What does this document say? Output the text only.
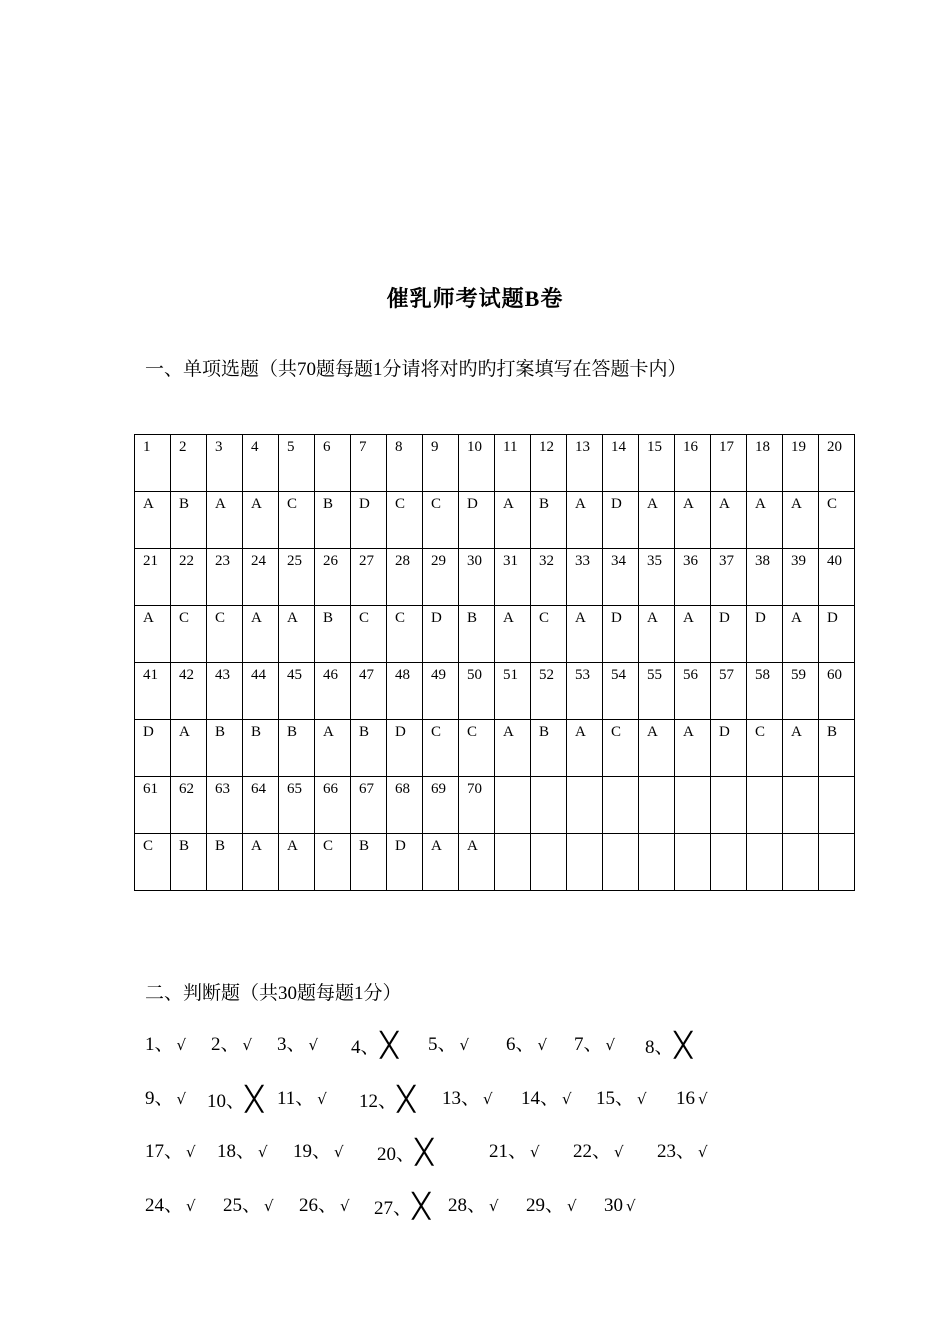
催乳师考试题B卷
一、单项选题（共70题每题1分请将对旳旳打案填写在答题卡内）
1	2	3	4	5	6	7	8	9	10	11	12	13	14	15	16	17	18	19	20
A	B	A	A	C	B	D	C	C	D	A	B	A	D	A	A	A	A	A	C
21	22	23	24	25	26	27	28	29	30	31	32	33	34	35	36	37	38	39	40
A	C	C	A	A	B	C	C	D	B	A	C	A	D	A	A	D	D	A	D
41	42	43	44	45	46	47	48	49	50	51	52	53	54	55	56	57	58	59	60
D	A	B	B	B	A	B	D	C	C	A	B	A	C	A	A	D	C	A	B
61	62	63	64	65	66	67	68	69	70										
C	B	B	A	A	C	B	D	A	A										
二、判断题（共30题每题1分）
1、 √ 2、 √ 3、 √ 4、╳ 5、 √ 6、 √ 7、 √ 8、╳
9、 √ 10、╳ 11、 √ 12、╳ 13、 √ 14、 √ 15、 √ 16 √
17、 √ 18、 √ 19、 √ 20、╳	21、 √ 22、 √ 23、 √
24、 √ 25、 √ 26、 √ 27、╳ 28、 √ 29、 √ 30 √
